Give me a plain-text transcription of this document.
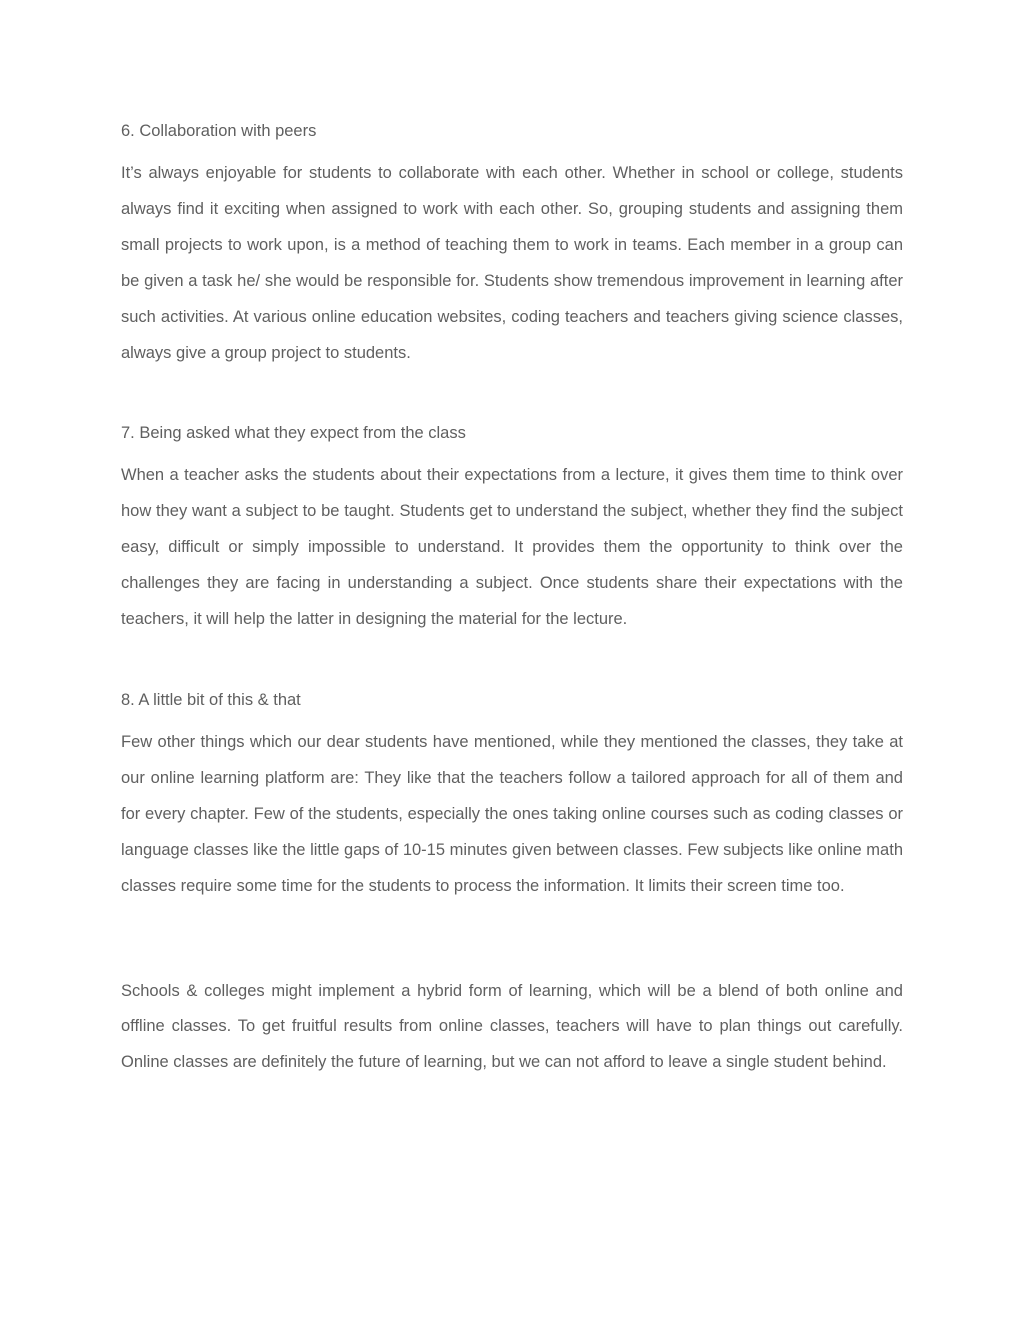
6. Collaboration with peers

It’s always enjoyable for students to collaborate with each other. Whether in school or college, students always find it exciting when assigned to work with each other. So, grouping students and assigning them small projects to work upon, is a method of teaching them to work in teams. Each member in a group can be given a task he/ she would be responsible for. Students show tremendous improvement in learning after such activities. At various online education websites, coding teachers and teachers giving science classes, always give a group project to students.

7. Being asked what they expect from the class

When a teacher asks the students about their expectations from a lecture, it gives them time to think over how they want a subject to be taught. Students get to understand the subject, whether they find the subject easy, difficult or simply impossible to understand. It provides them the opportunity to think over the challenges they are facing in understanding a subject. Once students share their expectations with the teachers, it will help the latter in designing the material for the lecture.

8. A little bit of this & that

Few other things which our dear students have mentioned, while they mentioned the classes, they take at our online learning platform are: They like that the teachers follow a tailored approach for all of them and for every chapter. Few of the students, especially the ones taking online courses such as coding classes or language classes like the little gaps of 10-15 minutes given between classes. Few subjects like online math classes require some time for the students to process the information. It limits their screen time too.

Schools & colleges might implement a hybrid form of learning, which will be a blend of both online and offline classes. To get fruitful results from online classes, teachers will have to plan things out carefully. Online classes are definitely the future of learning, but we can not afford to leave a single student behind.
